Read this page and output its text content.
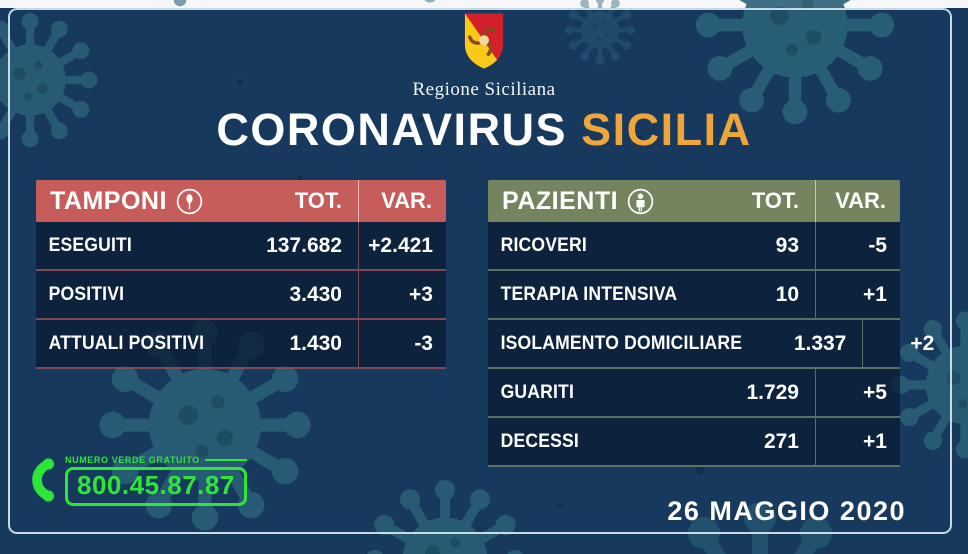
Regione Siciliana
CORONAVIRUS SICILIA
TAMPONI	TOT.	VAR.
ESEGUITI	137.682	+2.421
POSITIVI	3.430	+3
ATTUALI POSITIVI	1.430	-3
PAZIENTI	TOT.	VAR.
RICOVERI	93	-5
TERAPIA INTENSIVA	10	+1
ISOLAMENTO DOMICILIARE	1.337	+2
GUARITI	1.729	+5
DECESSI	271	+1
NUMERO VERDE GRATUITO
800.45.87.87
26 MAGGIO 2020
